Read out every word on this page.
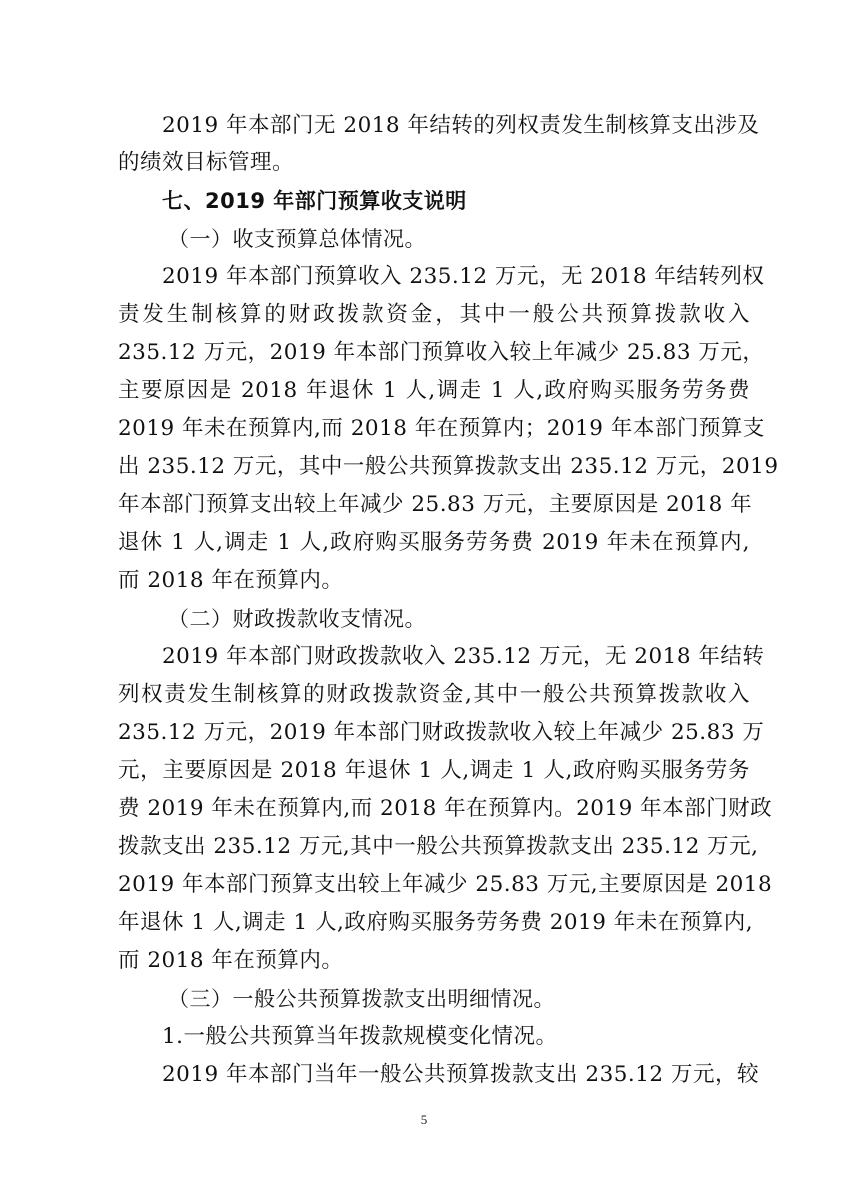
2019 年本部门无 2018 年结转的列权责发生制核算支出涉及
的绩效目标管理。
七、2019 年部门预算收支说明
（一）收支预算总体情况。
2019 年本部门预算收入 235.12 万元，无 2018 年结转列权
责发生制核算的财政拨款资金，其中一般公共预算拨款收入
235.12 万元，2019 年本部门预算收入较上年减少 25.83 万元，
主要原因是 2018 年退休 1 人,调走 1 人,政府购买服务劳务费
2019 年未在预算内,而 2018 年在预算内；2019 年本部门预算支
出 235.12 万元，其中一般公共预算拨款支出 235.12 万元，2019
年本部门预算支出较上年减少 25.83 万元，主要原因是 2018 年
退休 1 人,调走 1 人,政府购买服务劳务费 2019 年未在预算内,
而 2018 年在预算内。
（二）财政拨款收支情况。
2019 年本部门财政拨款收入 235.12 万元，无 2018 年结转
列权责发生制核算的财政拨款资金,其中一般公共预算拨款收入
235.12 万元，2019 年本部门财政拨款收入较上年减少 25.83 万
元，主要原因是 2018 年退休 1 人,调走 1 人,政府购买服务劳务
费 2019 年未在预算内,而 2018 年在预算内。2019 年本部门财政
拨款支出 235.12 万元,其中一般公共预算拨款支出 235.12 万元,
2019 年本部门预算支出较上年减少 25.83 万元,主要原因是 2018
年退休 1 人,调走 1 人,政府购买服务劳务费 2019 年未在预算内,
而 2018 年在预算内。
（三）一般公共预算拨款支出明细情况。
1.一般公共预算当年拨款规模变化情况。
2019 年本部门当年一般公共预算拨款支出 235.12 万元，较
5
